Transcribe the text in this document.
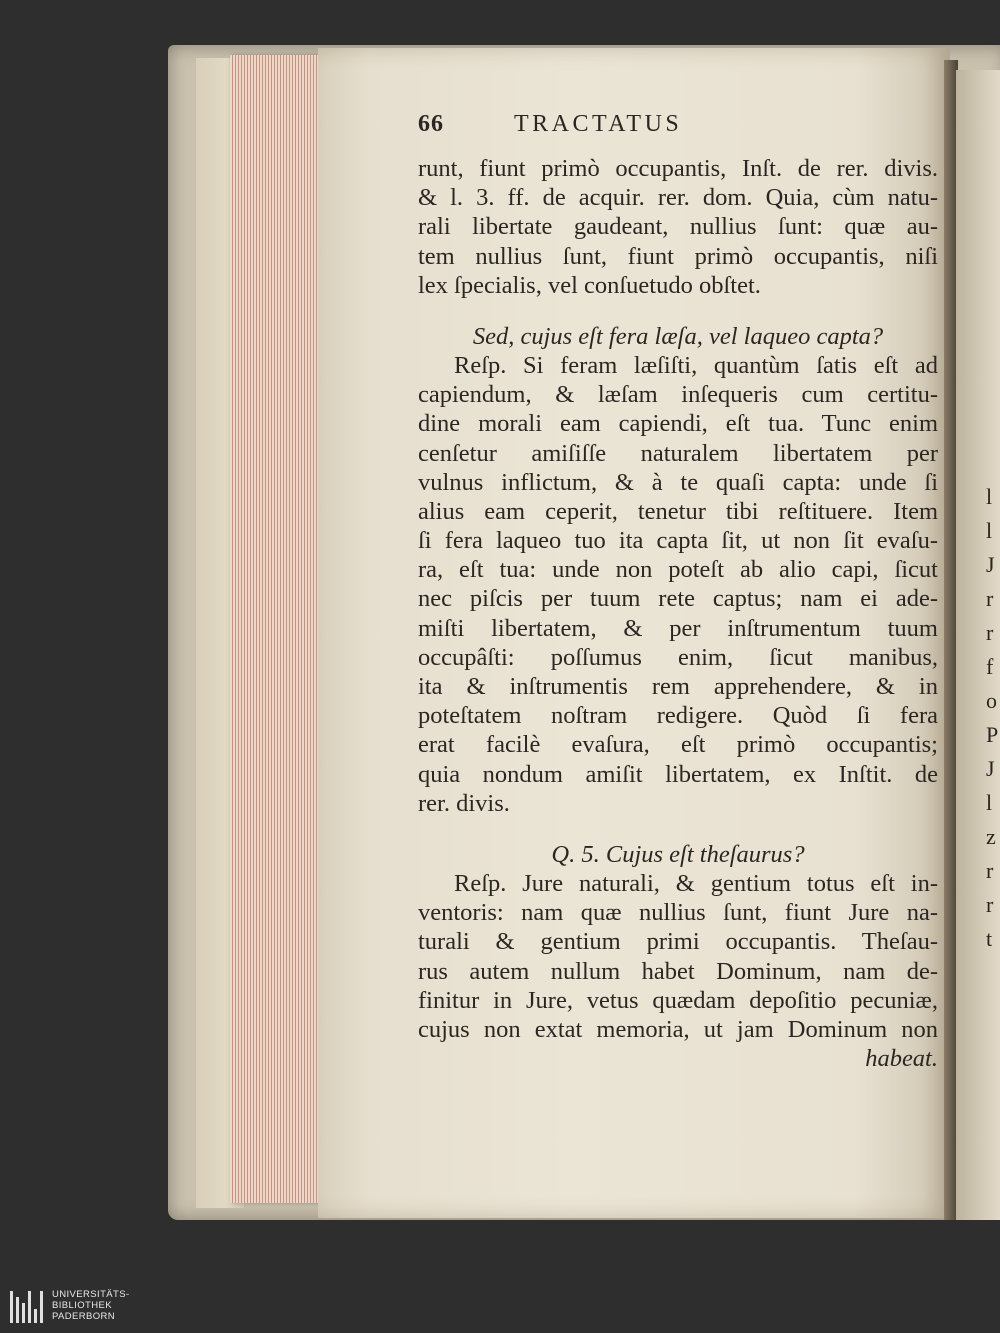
l
l
J
r
r
f
o
P
J
l
z
r
r
t
66	TRACTATUS
runt, fiunt primò occupantis, Inſt. de rer. divis.
& l. 3. ff. de acquir. rer. dom. Quia, cùm natu-
rali libertate gaudeant, nullius ſunt: quæ au-
tem nullius ſunt, fiunt primò occupantis, niſi
lex ſpecialis, vel conſuetudo obſtet.
Sed, cujus eſt fera læſa, vel laqueo capta?
Reſp. Si feram læſiſti, quantùm ſatis eſt ad
capiendum, & læſam inſequeris cum certitu-
dine morali eam capiendi, eſt tua. Tunc enim
cenſetur amiſiſſe naturalem libertatem per
vulnus inflictum, & à te quaſi capta: unde ſi
alius eam ceperit, tenetur tibi reſtituere. Item
ſi fera laqueo tuo ita capta ſit, ut non ſit evaſu-
ra, eſt tua: unde non poteſt ab alio capi, ſicut
nec piſcis per tuum rete captus; nam ei ade-
miſti libertatem, & per inſtrumentum tuum
occupâſti: poſſumus enim, ſicut manibus,
ita & inſtrumentis rem apprehendere, & in
poteſtatem noſtram redigere. Quòd ſi fera
erat facilè evaſura, eſt primò occupantis;
quia nondum amiſit libertatem, ex Inſtit. de
rer. divis.
Q. 5. Cujus eſt theſaurus?
Reſp. Jure naturali, & gentium totus eſt in-
ventoris: nam quæ nullius ſunt, fiunt Jure na-
turali & gentium primi occupantis. Theſau-
rus autem nullum habet Dominum, nam de-
finitur in Jure, vetus quædam depoſitio pecuniæ,
cujus non extat memoria, ut jam Dominum non
habeat.
UNIVERSITÄTS-
BIBLIOTHEK
PADERBORN
